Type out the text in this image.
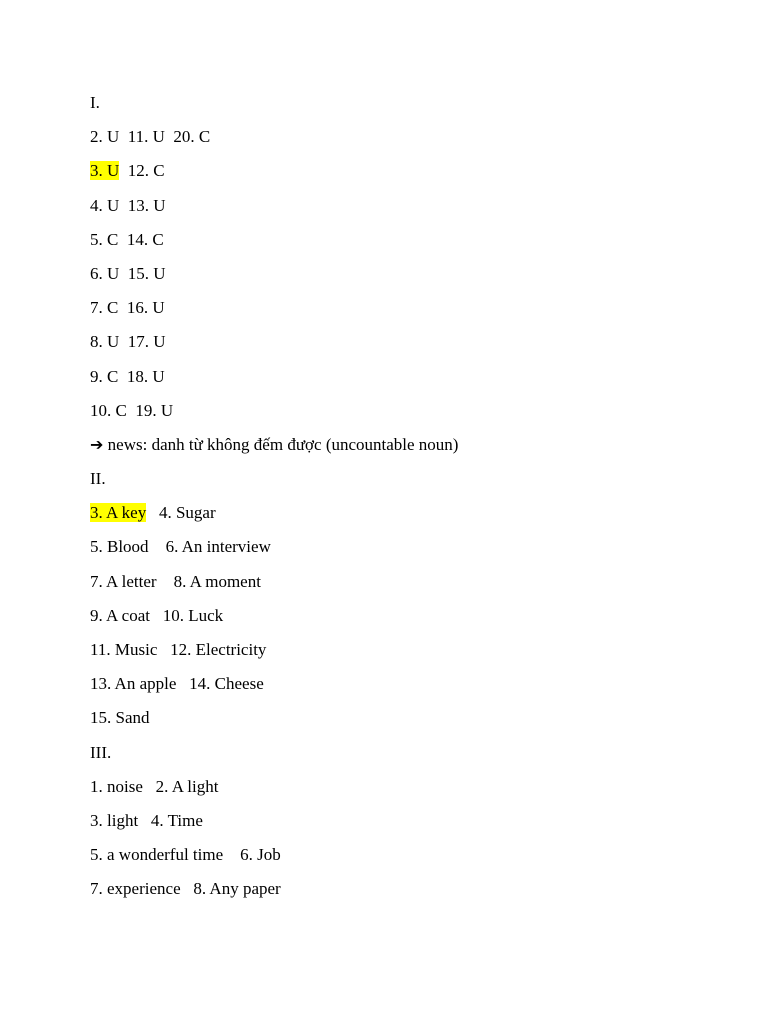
I.
2. U 11. U  20. C
3. U 12. C
4. U 13. U
5. C 14. C
6. U 15. U
7. C 16. U
8. U 17. U
9. C 18. U
10. C 19. U
➔ news: danh từ không đếm được (uncountable noun)
II.
3. A key 4. Sugar
5. Blood 6. An interview
7. A letter 8. A moment
9. A coat 10. Luck
11. Music 12. Electricity
13. An apple 14. Cheese
15. Sand
III.
1. noise 2. A light
3. light 4. Time
5. a wonderful time 6. Job
7. experience 8. Any paper
